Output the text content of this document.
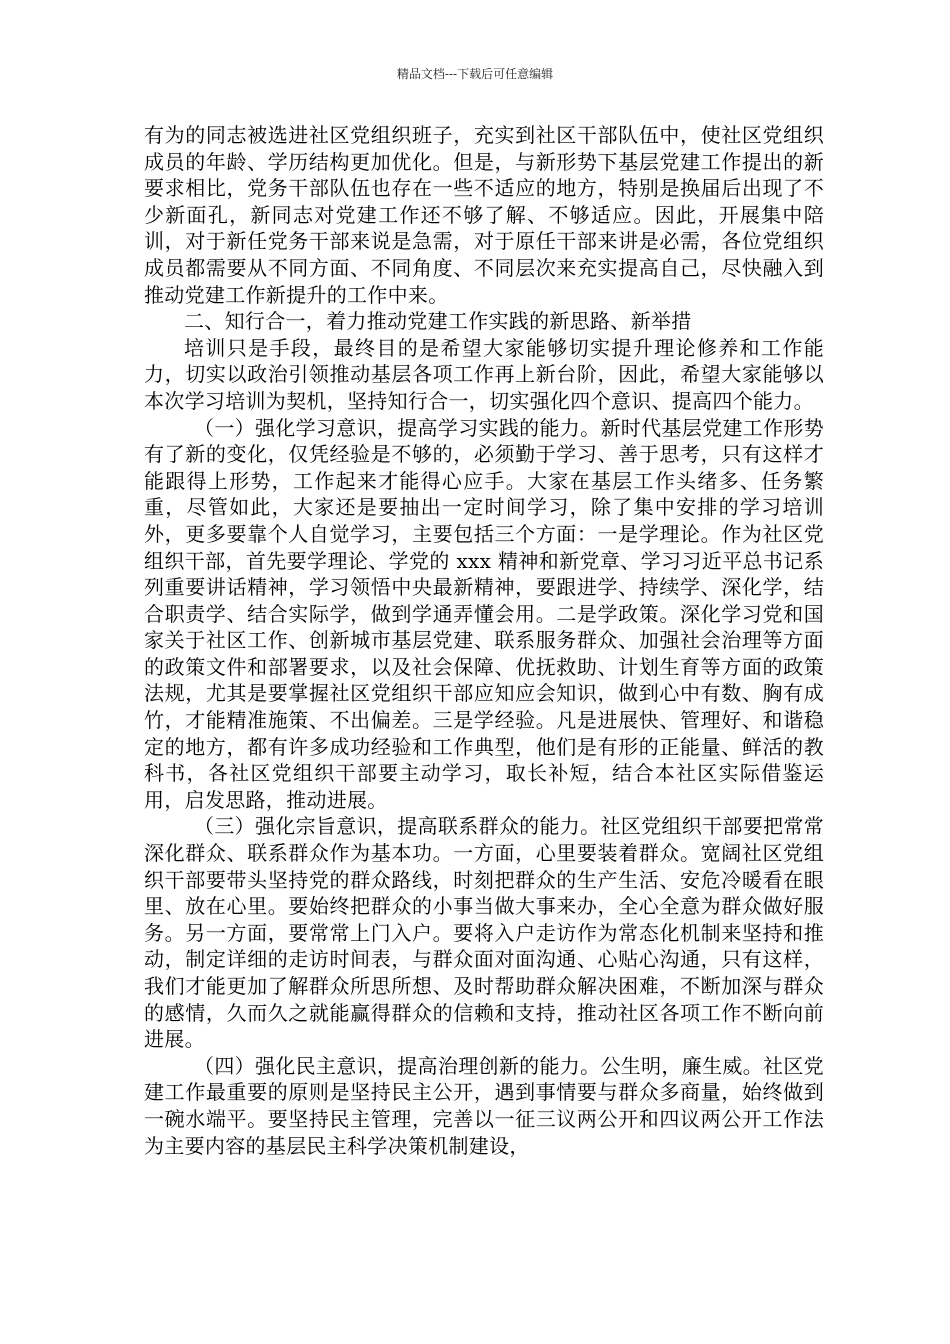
精品文档---下载后可任意编辑

有为的同志被选进社区党组织班子，充实到社区干部队伍中，使社区党组织成员的年龄、学历结构更加优化。但是，与新形势下基层党建工作提出的新要求相比，党务干部队伍也存在一些不适应的地方，特别是换届后出现了不少新面孔，新同志对党建工作还不够了解、不够适应。因此，开展集中陪训，对于新任党务干部来说是急需，对于原任干部来讲是必需，各位党组织成员都需要从不同方面、不同角度、不同层次来充实提高自己，尽快融入到推动党建工作新提升的工作中来。

二、知行合一，着力推动党建工作实践的新思路、新举措

培训只是手段，最终目的是希望大家能够切实提升理论修养和工作能力，切实以政治引领推动基层各项工作再上新台阶，因此，希望大家能够以本次学习培训为契机，坚持知行合一，切实强化四个意识、提高四个能力。

（一）强化学习意识，提高学习实践的能力。新时代基层党建工作形势有了新的变化，仅凭经验是不够的，必须勤于学习、善于思考，只有这样才能跟得上形势，工作起来才能得心应手。大家在基层工作头绪多、任务繁重，尽管如此，大家还是要抽出一定时间学习，除了集中安排的学习培训外，更多要靠个人自觉学习，主要包括三个方面：一是学理论。作为社区党组织干部，首先要学理论、学党的 xxx 精神和新党章、学习习近平总书记系列重要讲话精神，学习领悟中央最新精神，要跟进学、持续学、深化学，结合职责学、结合实际学，做到学通弄懂会用。二是学政策。深化学习党和国家关于社区工作、创新城市基层党建、联系服务群众、加强社会治理等方面的政策文件和部署要求，以及社会保障、优抚救助、计划生育等方面的政策法规，尤其是要掌握社区党组织干部应知应会知识，做到心中有数、胸有成竹，才能精准施策、不出偏差。三是学经验。凡是进展快、管理好、和谐稳定的地方，都有许多成功经验和工作典型，他们是有形的正能量、鲜活的教科书，各社区党组织干部要主动学习，取长补短，结合本社区实际借鉴运用，启发思路，推动进展。

（三）强化宗旨意识，提高联系群众的能力。社区党组织干部要把常常深化群众、联系群众作为基本功。一方面，心里要装着群众。宽阔社区党组织干部要带头坚持党的群众路线，时刻把群众的生产生活、安危冷暖看在眼里、放在心里。要始终把群众的小事当做大事来办，全心全意为群众做好服务。另一方面，要常常上门入户。要将入户走访作为常态化机制来坚持和推动，制定详细的走访时间表，与群众面对面沟通、心贴心沟通，只有这样，我们才能更加了解群众所思所想、及时帮助群众解决困难，不断加深与群众的感情，久而久之就能赢得群众的信赖和支持，推动社区各项工作不断向前进展。

（四）强化民主意识，提高治理创新的能力。公生明，廉生威。社区党建工作最重要的原则是坚持民主公开，遇到事情要与群众多商量，始终做到一碗水端平。要坚持民主管理，完善以一征三议两公开和四议两公开工作法为主要内容的基层民主科学决策机制建设，
